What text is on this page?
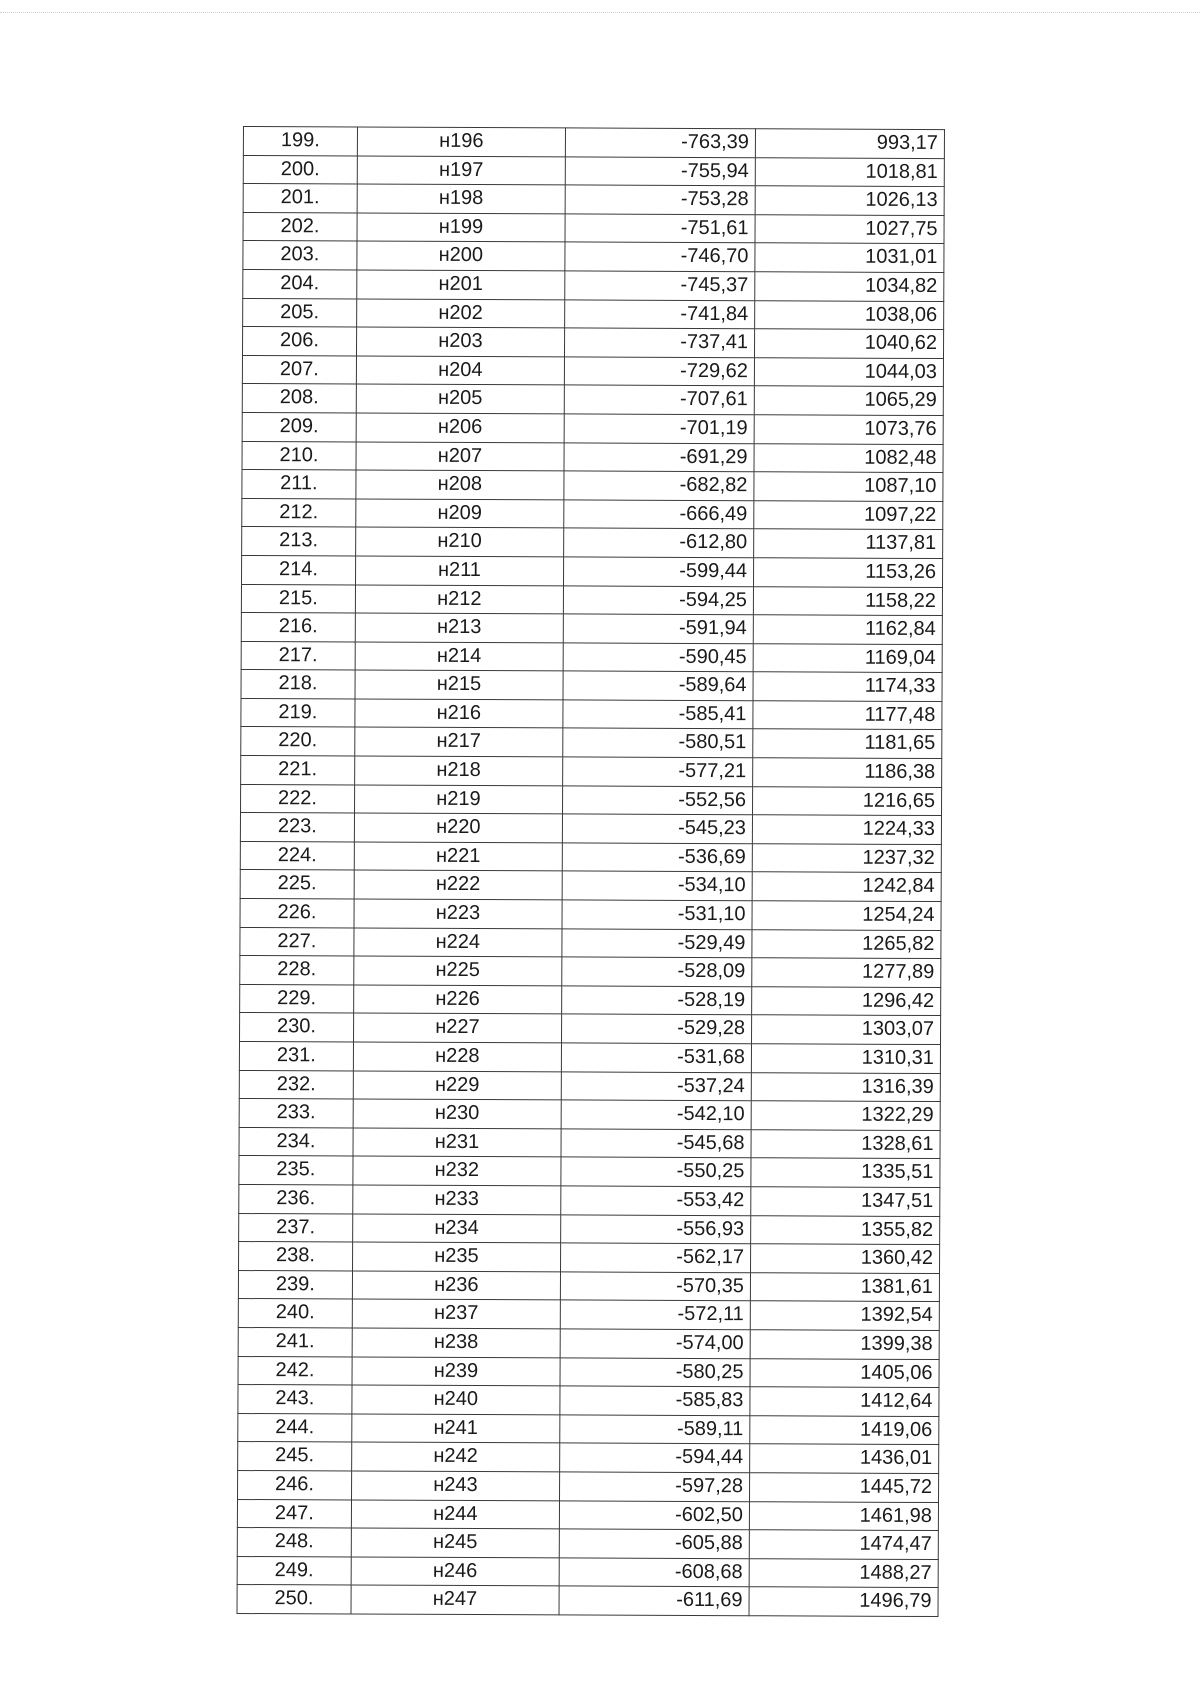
199.	н196	-763,39	993,17
200.	н197	-755,94	1018,81
201.	н198	-753,28	1026,13
202.	н199	-751,61	1027,75
203.	н200	-746,70	1031,01
204.	н201	-745,37	1034,82
205.	н202	-741,84	1038,06
206.	н203	-737,41	1040,62
207.	н204	-729,62	1044,03
208.	н205	-707,61	1065,29
209.	н206	-701,19	1073,76
210.	н207	-691,29	1082,48
211.	н208	-682,82	1087,10
212.	н209	-666,49	1097,22
213.	н210	-612,80	1137,81
214.	н211	-599,44	1153,26
215.	н212	-594,25	1158,22
216.	н213	-591,94	1162,84
217.	н214	-590,45	1169,04
218.	н215	-589,64	1174,33
219.	н216	-585,41	1177,48
220.	н217	-580,51	1181,65
221.	н218	-577,21	1186,38
222.	н219	-552,56	1216,65
223.	н220	-545,23	1224,33
224.	н221	-536,69	1237,32
225.	н222	-534,10	1242,84
226.	н223	-531,10	1254,24
227.	н224	-529,49	1265,82
228.	н225	-528,09	1277,89
229.	н226	-528,19	1296,42
230.	н227	-529,28	1303,07
231.	н228	-531,68	1310,31
232.	н229	-537,24	1316,39
233.	н230	-542,10	1322,29
234.	н231	-545,68	1328,61
235.	н232	-550,25	1335,51
236.	н233	-553,42	1347,51
237.	н234	-556,93	1355,82
238.	н235	-562,17	1360,42
239.	н236	-570,35	1381,61
240.	н237	-572,11	1392,54
241.	н238	-574,00	1399,38
242.	н239	-580,25	1405,06
243.	н240	-585,83	1412,64
244.	н241	-589,11	1419,06
245.	н242	-594,44	1436,01
246.	н243	-597,28	1445,72
247.	н244	-602,50	1461,98
248.	н245	-605,88	1474,47
249.	н246	-608,68	1488,27
250.	н247	-611,69	1496,79
